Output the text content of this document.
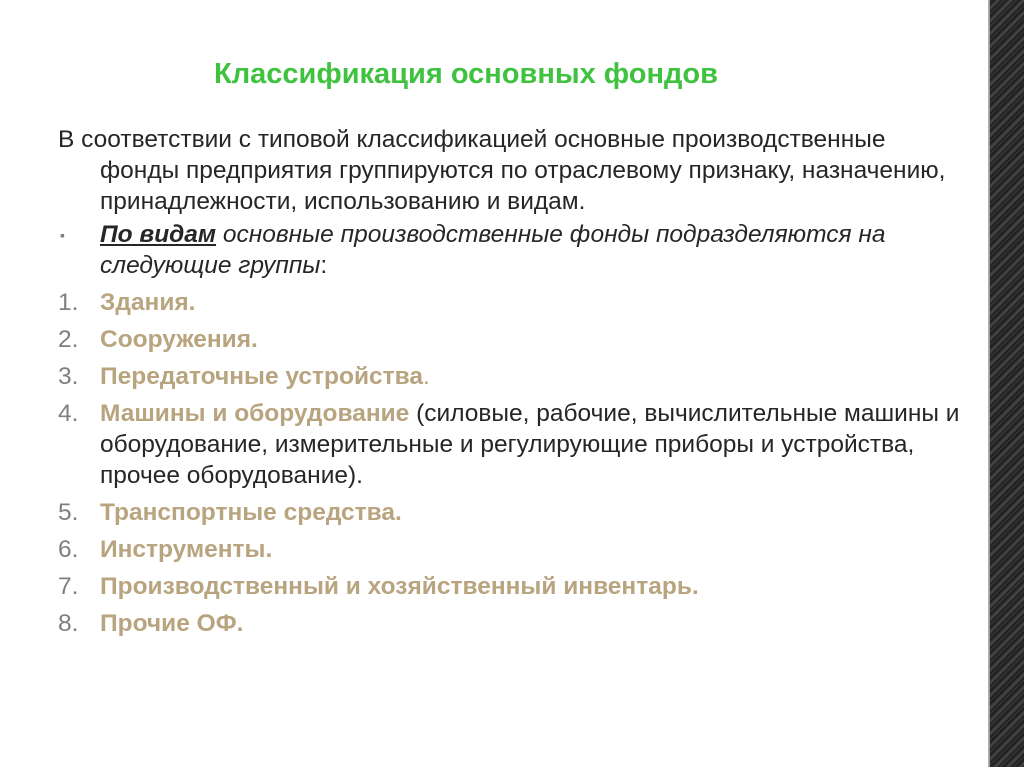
Классификация основных фондов

В соответствии с типовой классификацией основные производственные фонды предприятия группируются по отраслевому признаку, назначению, принадлежности, использованию и видам.

▪ По видам основные производственные фонды подразделяются на следующие группы:
1. Здания.
2. Сооружения.
3. Передаточные устройства.
4. Машины и оборудование (силовые, рабочие, вычислительные машины и оборудование, измерительные и регулирующие приборы и устройства, прочее оборудование).
5. Транспортные средства.
6. Инструменты.
7. Производственный и хозяйственный инвентарь.
8. Прочие ОФ.
